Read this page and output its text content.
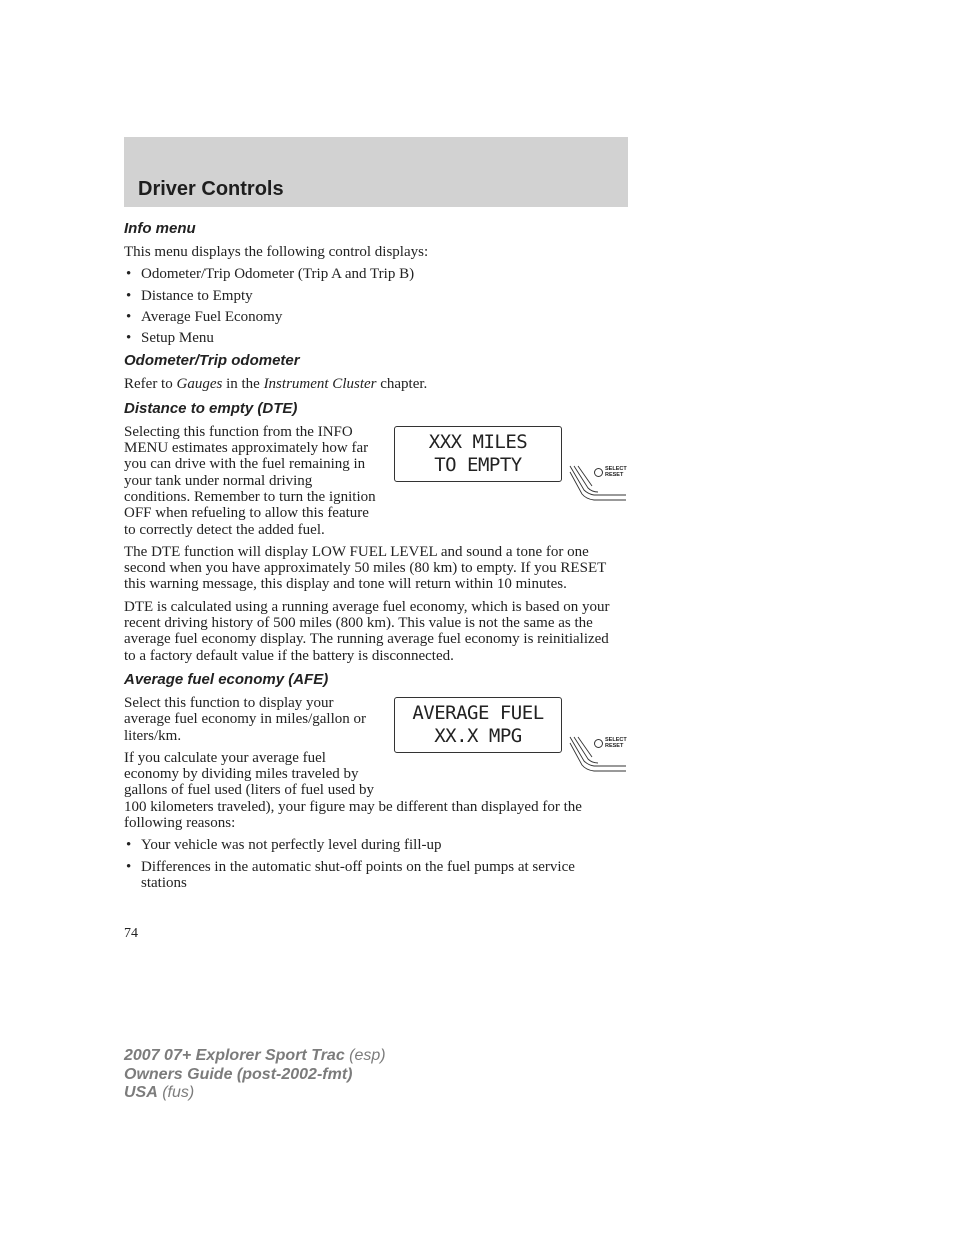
Driver Controls
Info menu

This menu displays the following control displays:

• Odometer/Trip Odometer (Trip A and Trip B)
• Distance to Empty
• Average Fuel Economy
• Setup Menu
Odometer/Trip odometer

Refer to Gauges in the Instrument Cluster chapter.

Distance to empty (DTE)
XXX MILES
TO EMPTY	SELECT
RESET

Selecting this function from the INFO MENU estimates approximately how far you can drive with the fuel remaining in your tank under normal driving conditions. Remember to turn the ignition OFF when refueling to allow this feature to correctly detect the added fuel.

The DTE function will display LOW FUEL LEVEL and sound a tone for one second when you have approximately 50 miles (80 km) to empty. If you RESET this warning message, this display and tone will return within 10 minutes.

DTE is calculated using a running average fuel economy, which is based on your recent driving history of 500 miles (800 km). This value is not the same as the average fuel economy display. The running average fuel economy is reinitialized to a factory default value if the battery is disconnected.

Average fuel economy (AFE)
AVERAGE FUEL
XX.X MPG	SELECT
RESET

Select this function to display your average fuel economy in miles/gallon or liters/km.

If you calculate your average fuel economy by dividing miles traveled by gallons of fuel used (liters of fuel used by 100 kilometers traveled), your figure may be different than displayed for the following reasons:

• Your vehicle was not perfectly level during fill-up
• Differences in the automatic shut-off points on the fuel pumps at service stations
74
2007 07+ Explorer Sport Trac (esp)
Owners Guide (post-2002-fmt)
USA (fus)
